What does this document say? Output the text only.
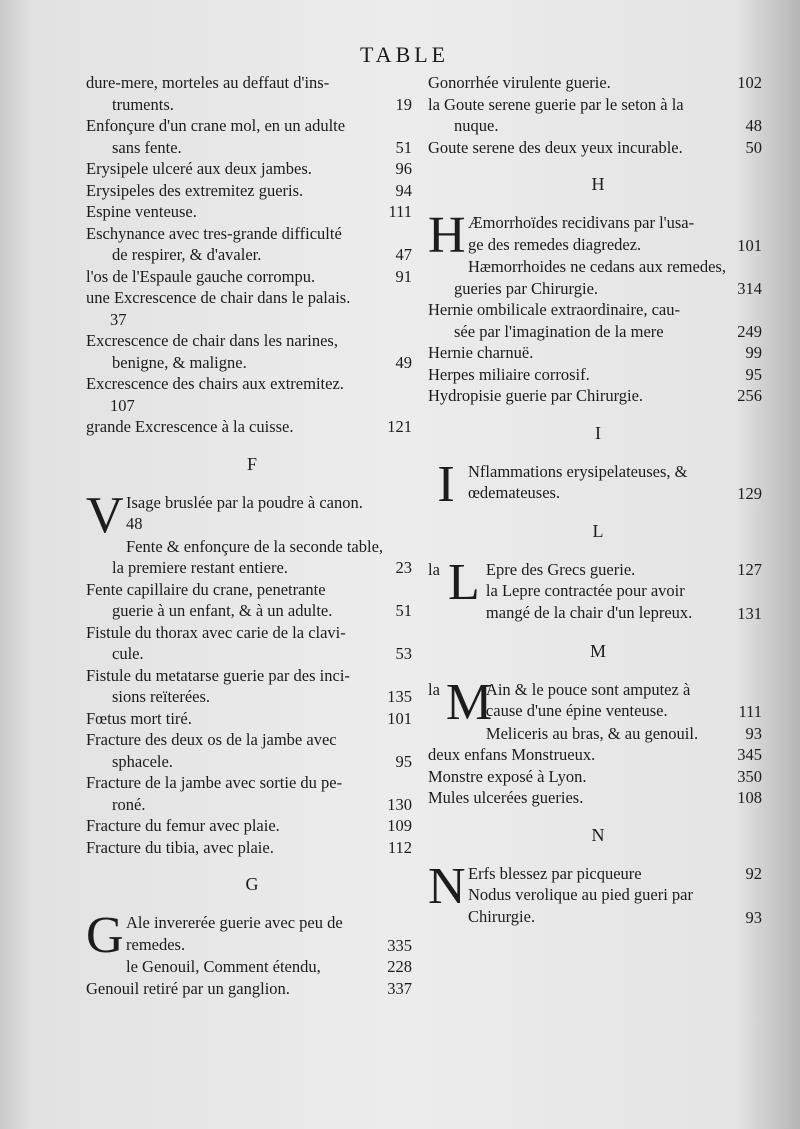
TABLE
dure-mere, morteles au deffaut d'ins-
truments.	19
Enfonçure d'un crane mol, en un adulte
sans fente.	51
Erysipele ulceré aux deux jambes.	96
Erysipeles des extremitez gueris.	94
Espine venteuse.	111
Eschynance avec tres-grande difficulté
de respirer, & d'avaler.	47
l'os de l'Espaule gauche corrompu.	91
une Excrescence de chair dans le palais.
37
Excrescence de chair dans les narines,
benigne, & maligne.	49
Excrescence des chairs aux extremitez.
107
grande Excrescence à la cuisse.	121
F
V Isage bruslée par la poudre à canon.
48
Fente & enfonçure de la seconde table,
la premiere restant entiere.	23
Fente capillaire du crane, penetrante
guerie à un enfant, & à un adulte.	51
Fistule du thorax avec carie de la clavi-
cule.	53
Fistule du metatarse guerie par des inci-
sions reïterées.	135
Fœtus mort tiré.	101
Fracture des deux os de la jambe avec
sphacele.	95
Fracture de la jambe avec sortie du pe-
roné.	130
Fracture du femur avec plaie.	109
Fracture du tibia, avec plaie.	112
G
G Ale invererée guerie avec peu de
remedes.	335
le Genouil, Comment étendu,	228
Genouil retiré par un ganglion.	337
Gonorrhée virulente guerie.	102
la Goute serene guerie par le seton à la
nuque.	48
Goute serene des deux yeux incurable.	50
H
H Æmorrhoïdes recidivans par l'usa-
ge des remedes diagredez.	101
Hæmorrhoides ne cedans aux remedes,
gueries par Chirurgie.	314
Hernie ombilicale extraordinaire, cau-
sée par l'imagination de la mere	249
Hernie charnuë.	99
Herpes miliaire corrosif.	95
Hydropisie guerie par Chirurgie.	256
I
I Nflammations erysipelateuses, &
œdemateuses.	129
L
la L Epre des Grecs guerie.	127

la Lepre contractée pour avoir
mangé de la chair d'un lepreux.	131
M
la M
Ain & le pouce sont amputez à
cause d'une épine venteuse.	111
Meliceris au bras, & au genouil.	93
deux enfans Monstrueux.	345
Monstre exposé à Lyon.	350
Mules ulcerées gueries.	108
N
N Erfs blessez par picqueure	92

Nodus verolique au pied gueri par
Chirurgie.	93
